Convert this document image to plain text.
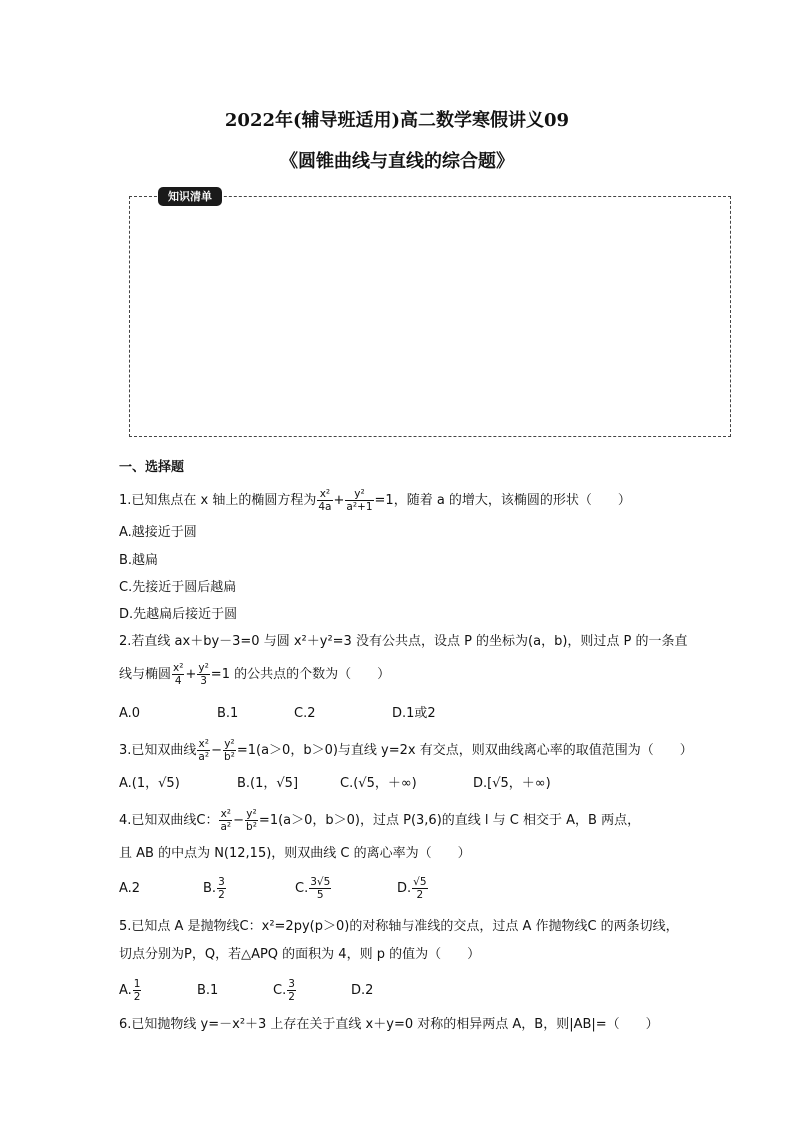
2022年(辅导班适用)高二数学寒假讲义09
《圆锥曲线与直线的综合题》
知识清单
一、选择题
1.已知焦点在 x 轴上的椭圆方程为 $\frac{\text{x²}}{4a} + \frac{\text{y²}}{\text{a²+1}} =1$，随着 a 的增大，该椭圆的形状（　　）
A.越接近于圆
B.越扁
C.先接近于圆后越扁
D.先越扁后接近于圆
2.若直线 ax＋by－3=0 与圆 x²＋y²=3 没有公共点，设点 P 的坐标为(a，b)，则过点 P 的一条直
线与椭圆 $\frac{\text{x²}}{4} + \frac{\text{y²}}{3} =1$ 的公共点的个数为（　　）
A.0	B.1	C.2	D.1或2
3.已知双曲线 $\frac{\text{x²}}{\text{a²}} - \frac{\text{y²}}{\text{b²}} =1(a>0$，b＞0)与直线 y=2x 有交点，则双曲线离心率的取值范围为（　　）
A.(1，√5)	B.(1，√5]	C.(√5，＋∞)	D.[√5，＋∞)
4.已知双曲线C： $\frac{\text{x²}}{\text{a²}} - \frac{\text{y²}}{\text{b²}} =1(a>0$，b＞0)，过点 P(3,6)的直线 l 与 C 相交于 A，B 两点，
且 AB 的中点为 N(12,15)，则双曲线 C 的离心率为（　　）
A.2	B. $\frac{3}{2}$	C. $\frac{3√5}{5}$	D. $\frac{√5}{2}$
5.已知点 A 是抛物线C：x²=2py(p＞0)的对称轴与准线的交点，过点 A 作抛物线C 的两条切线，
切点分别为P，Q，若△APQ 的面积为 4，则 p 的值为（　　）
A. $\frac{1}{2}$	B.1	C. $\frac{3}{2}$	D.2
6.已知抛物线 y=－x²＋3 上存在关于直线 x＋y=0 对称的相异两点 A，B，则|AB|=（　　）
